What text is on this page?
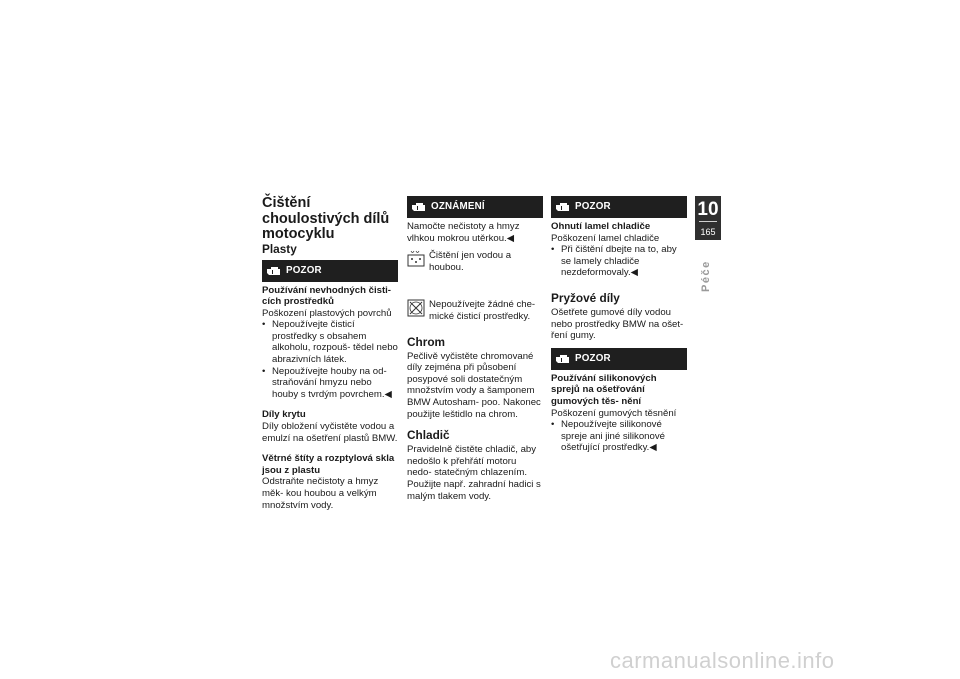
Čištění choulostivých dílů motocyklu

Plasty

POZOR

Používání nevhodných čisti- cích prostředků

Poškození plastových povrchů

• Nepoužívejte čisticí prostředky s obsahem alkoholu, rozpouš- tědel nebo abrazivních látek.

• Nepoužívejte houby na od- straňování hmyzu nebo houby s tvrdým povrchem.◀

Díly krytu

Díly obložení vyčistěte vodou a emulzí na ošetření plastů BMW.

Větrné štíty a rozptylová skla jsou z plastu

Odstraňte nečistoty a hmyz měk- kou houbou a velkým množstvím vody.

OZNÁMENÍ

Namočte nečistoty a hmyz vlhkou mokrou utěrkou.◀

Čištění jen vodou a houbou.

Nepoužívejte žádné che- mické čisticí prostředky.

Chrom

Pečlivě vyčistěte chromované díly zejména při působení posypové soli dostatečným množstvím vody a šamponem BMW Autosham- poo. Nakonec použijte leštidlo na chrom.

Chladič

Pravidelně čistěte chladič, aby nedošlo k přehřátí motoru nedo- statečným chlazením.

Použijte např. zahradní hadici s malým tlakem vody.

POZOR

Ohnutí lamel chladiče

Poškození lamel chladiče

• Při čištění dbejte na to, aby se lamely chladiče nezdeformovaly.◀

Pryžové díly

Ošetřete gumové díly vodou nebo prostředky BMW na ošet- ření gumy.

POZOR

Používání silikonových sprejů na ošetřování gumových těs- nění

Poškození gumových těsnění

• Nepoužívejte silikonové spreje ani jiné silikonové ošetřující prostředky.◀

10
165
Péče
carmanualsonline.info
